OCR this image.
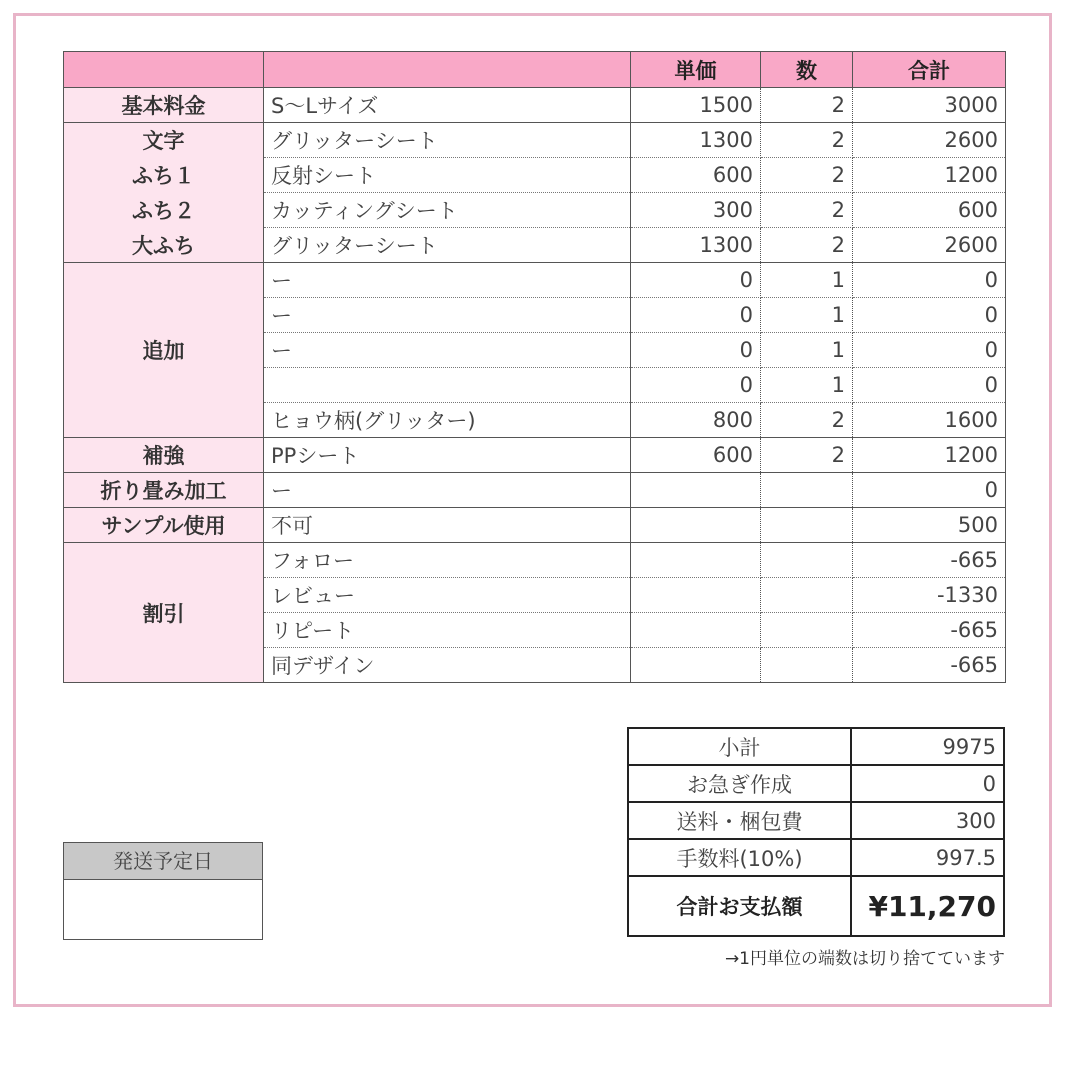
		単価	数	合計
基本料金	S〜Lサイズ	1500	2	3000
文字	グリッターシート	1300	2	2600
ふち１	反射シート	600	2	1200
ふち２	カッティングシート	300	2	600
大ふち	グリッターシート	1300	2	2600
追加	ー	0	1	0
	ー	0	1	0
	ー	0	1	0
		0	1	0
	ヒョウ柄(グリッター)	800	2	1600
補強	PPシート	600	2	1200
折り畳み加工	ー			0
サンプル使用	不可			500
割引	フォロー			-665
	レビュー			-1330
	リピート			-665
	同デザイン			-665
小計	9975
お急ぎ作成	0
送料・梱包費	300
手数料(10%)	997.5
合計お支払額	¥11,270
→1円単位の端数は切り捨てています
発送予定日
